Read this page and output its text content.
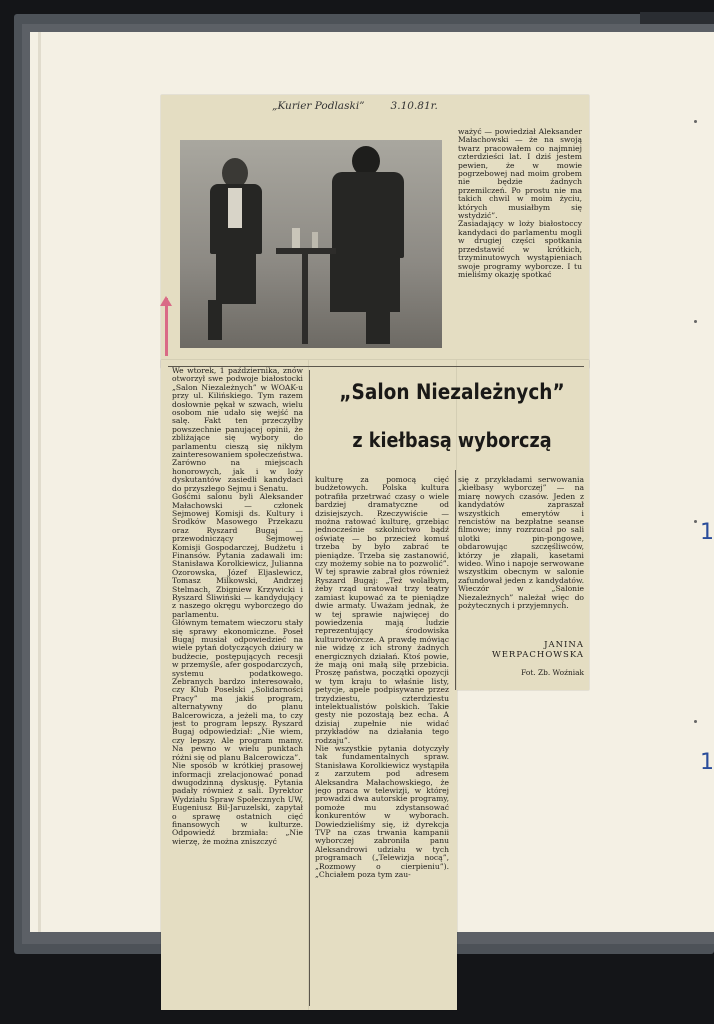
1
1
„Kurier Podlaski” 3.10.81r.
ważyć — powiedział Aleksander Małachowski — że na swoją twarz pracowałem co najmniej czterdzieści lat. I dziś jestem pewien, że w mowie pogrzebowej nad moim grobem nie będzie żadnych przemilczeń. Po prostu nie ma takich chwil w moim życiu, których musiałbym się wstydzić”.
Zasiadający w loży białostoccy kandydaci do parlamentu mogli w drugiej części spotkania przedstawić w krótkich, trzyminutowych wystąpieniach swoje programy wyborcze. I tu mieliśmy okazję spotkać
„Salon Niezależnych”
z kiełbasą wyborczą
We wtorek, 1 października, znów otworzył swe podwoje białostocki „Salon Niezależnych” w WOAK-u przy ul. Kilińskiego. Tym razem dosłownie pękał w szwach, wielu osobom nie udało się wejść na salę. Fakt ten przeczyłby powszechnie panującej opinii, że zbliżające się wybory do parlamentu cieszą się nikłym zainteresowaniem społeczeństwa. Zarówno na miejscach honorowych, jak i w loży dyskutantów zasiedli kandydaci do przyszłego Sejmu i Senatu.
Gośćmi salonu byli Aleksander Małachowski — członek Sejmowej Komisji ds. Kultury i Środków Masowego Przekazu oraz Ryszard Bugaj — przewodniczący Sejmowej Komisji Gospodarczej, Budżetu i Finansów. Pytania zadawali im: Stanisława Korolkiewicz, Julianna Ozorowska, Józef Eljaslewicz, Tomasz Milkowski, Andrzej Stelmach, Zbigniew Krzywicki i Ryszard Śliwiński — kandydujący z naszego okręgu wyborczego do parlamentu.
Głównym tematem wieczoru stały się sprawy ekonomiczne. Poseł Bugaj musiał odpowiedzieć na wiele pytań dotyczących dziury w budżecie, postępujących recesji w przemyśle, afer gospodarczych, systemu podatkowego. Zebranych bardzo interesowało, czy Klub Poselski „Solidarności Pracy” ma jakiś program, alternatywny do planu Balcerowicza, a jeżeli ma, to czy jest to program lepszy. Ryszard Bugaj odpowiedział: „Nie wiem, czy lepszy. Ale program mamy. Na pewno w wielu punktach różni się od planu Balcerowicza”.
Nie sposób w krótkiej prasowej informacji zrelacjonować ponad dwugodzinną dyskusję. Pytania padały również z sali. Dyrektor Wydziału Spraw Społecznych UW, Eugeniusz Bil-Jaruzelski, zapytał o sprawę ostatnich cięć finansowych w kulturze. Odpowiedź brzmiała: „Nie wierzę, że można zniszczyć
kulturę za pomocą cięć budżetowych. Polska kultura potrafiła przetrwać czasy o wiele bardziej dramatyczne od dzisiejszych. Rzeczywiście — można ratować kulturę, grzebiąc jednocześnie szkolnictwo bądź oświatę — bo przecież komuś trzeba by było zabrać te pieniądze. Trzeba się zastanowić, czy możemy sobie na to pozwolić”. W tej sprawie zabrał głos również Ryszard Bugaj: „Też wolałbym, żeby rząd uratował trzy teatry zamiast kupować za te pieniądze dwie armaty. Uważam jednak, że w tej sprawie najwięcej do powiedzenia mają ludzie reprezentujący środowiska kulturotwórcze. A prawdę mówiąc nie widzę z ich strony żadnych energicznych działań. Ktoś powie, że mają oni małą siłę przebicia. Proszę państwa, początki opozycji w tym kraju to właśnie listy, petycje, apele podpisywane przez trzydziestu, czterdziestu intelektualistów polskich. Takie gesty nie pozostają bez echa. A dzisiaj zupełnie nie widać przykładów na działania tego rodzaju”.
Nie wszystkie pytania dotyczyły tak fundamentalnych spraw. Stanisława Korolkiewicz wystąpiła z zarzutem pod adresem Aleksandra Małachowskiego, że jego praca w telewizji, w której prowadzi dwa autorskie programy, pomoże mu zdystansować konkurentów w wyborach. Dowiedzieliśmy się, iż dyrekcja TVP na czas trwania kampanii wyborczej zabroniła panu Aleksandrowi udziału w tych programach („Telewizja nocą”, „Rozmowy o cierpieniu”). „Chciałem poza tym zau-
się z przykładami serwowania „kiełbasy wyborczej” — na miarę nowych czasów. Jeden z kandydatów zapraszał wszystkich emerytów i rencistów na bezpłatne seanse filmowe; inny rozrzucał po sali ulotki pin-pongowe, obdarowując szczęśliwców, którzy je złapali, kasetami wideo. Wino i napoje serwowane wszystkim obecnym w salonie zafundował jeden z kandydatów. Wieczór w „Salonie Niezależnych” należał więc do pożytecznych i przyjemnych.
JANINA WERPACHOWSKA
Fot. Zb. Woźniak
